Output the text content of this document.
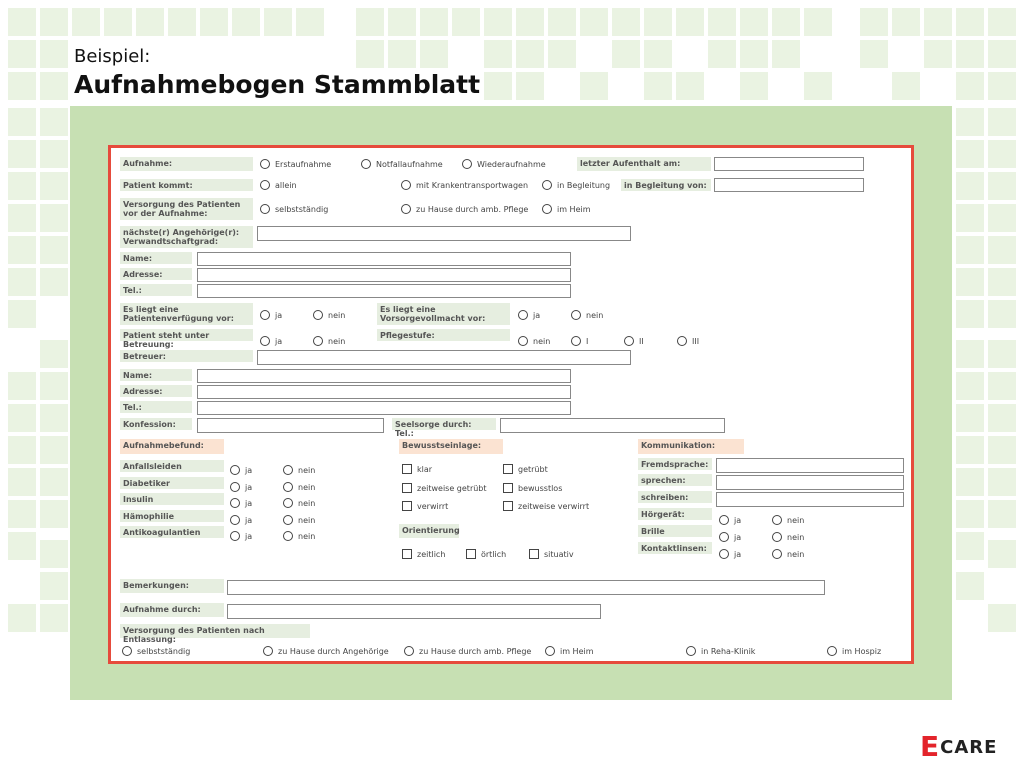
Beispiel:
Aufnahmebogen Stammblatt
Aufnahme:	Erstaufnahme	Notfallaufnahme	Wiederaufnahme	letzter Aufenthalt am:
Patient kommt:	allein	mit Krankentransportwagen	in Begleitung	in Begleitung von:
Versorgung des Patienten vor der Aufnahme:	selbstständig	zu Hause durch amb. Pflege	im Heim
nächste(r) Angehörige(r): Verwandtschaftgrad:
Name:
Adresse:
Tel.:
Es liegt eine Patientenverfügung vor:	ja	nein
Es liegt eine Vorsorgevollmacht vor:	ja	nein
Patient steht unter Betreuung:	ja	nein
Pflegestufe:
nein	I	II	III
Betreuer:
Name:
Adresse:
Tel.:
Konfession:	Seelsorge durch: Tel.:
Aufnahmebefund:
Anfallsleiden	ja	nein
Diabetiker	ja	nein
Insulin	ja	nein
Hämophilie	ja	nein
Antikoagulantien	ja	nein
Bewusstseinlage:
klar	getrübt
zeitweise getrübt	bewusstlos
verwirrt	zeitweise verwirrt
Orientierung
zeitlich	örtlich	situativ
Kommunikation:
Fremdsprache:
sprechen:
schreiben:
Hörgerät:
ja	nein
Brille
ja	nein
Kontaktlinsen:
ja	nein
Bemerkungen:
Aufnahme durch:
Versorgung des Patienten nach Entlassung:
selbstständig	zu Hause durch Angehörige	zu Hause durch amb. Pflege	im Heim	in Reha-Klinik	im Hospiz
E CARE
